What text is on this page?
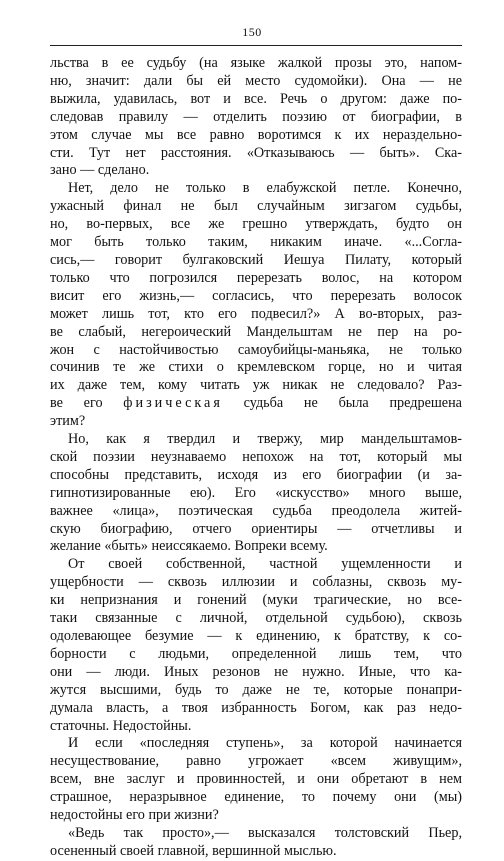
150
льства в ее судьбу (на языке жалкой прозы это, напом-
ню, значит: дали бы ей место судомойки). Она — не
выжила, удавилась, вот и все. Речь о другом: даже по-
следовав правилу — отделить поэзию от биографии, в
этом случае мы все равно воротимся к их нераздельно-
сти. Тут нет расстояния. «Отказываюсь — быть». Ска-
зано — сделано.
Нет, дело не только в елабужской петле. Конечно,
ужасный финал не был случайным зигзагом судьбы,
но, во-первых, все же грешно утверждать, будто он
мог быть только таким, никаким иначе. «...Согла-
сись,— говорит булгаковский Иешуа Пилату, который
только что погрозился перерезать волос, на котором
висит его жизнь,— согласись, что перерезать волосок
может лишь тот, кто его подвесил?» А во-вторых, раз-
ве слабый, негероический Мандельштам не пер на ро-
жон с настойчивостью самоубийцы-маньяка, не только
сочинив те же стихи о кремлевском горце, но и читая
их даже тем, кому читать уж никак не следовало? Раз-
ве его физическая судьба не была предрешена
этим?
Но, как я твердил и твержу, мир мандельштамов-
ской поэзии неузнаваемо непохож на тот, который мы
способны представить, исходя из его биографии (и за-
гипнотизированные ею). Его «искусство» много выше,
важнее «лица», поэтическая судьба преодолела житей-
скую биографию, отчего ориентиры — отчетливы и
желание «быть» неиссякаемо. Вопреки всему.
От своей собственной, частной ущемленности и
ущербности — сквозь иллюзии и соблазны, сквозь му-
ки непризнания и гонений (муки трагические, но все-
таки связанные с личной, отдельной судьбою), сквозь
одолевающее безумие — к единению, к братству, к со-
борности с людьми, определенной лишь тем, что
они — люди. Иных резонов не нужно. Иные, что ка-
жутся высшими, будь то даже не те, которые понапри-
думала власть, а твоя избранность Богом, как раз недо-
статочны. Недостойны.
И если «последняя ступень», за которой начинается
несуществование, равно угрожает «всем живущим»,
всем, вне заслуг и провинностей, и они обретают в нем
страшное, неразрывное единение, то почему они (мы)
недостойны его при жизни?
«Ведь так просто»,— высказался толстовский Пьер,
осененный своей главной, вершинной мыслью.
